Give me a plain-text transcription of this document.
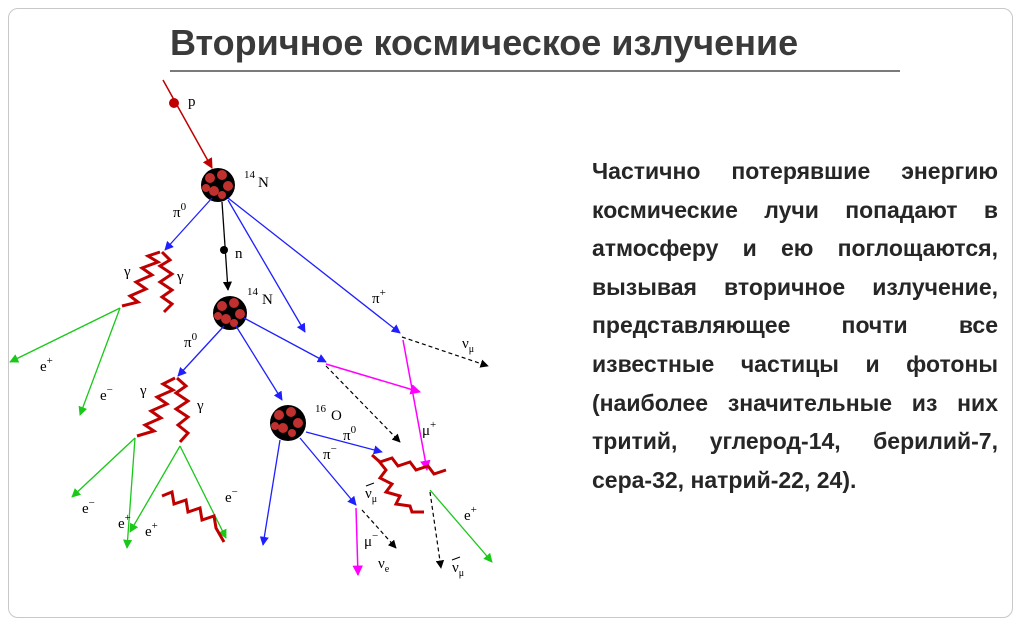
Вторичное космическое излучение
p
14 N
$\pi^0$
γ	γ
e+
e−
n
π+
$\nu_\mu$
μ+
14 N
$\pi^0$
γ
γ
e−
e+
e+
e−
16 O
$\pi^0$
π−
e+
$\nu_\mu$
$\nu_\mu$
μ−
$\nu_e$

Частично потерявшие энергию космические лучи попадают в атмосферу и ею поглощаются, вызывая вторичное излучение, представляющее почти все известные частицы и фотоны (наиболее значительные из них тритий, углерод-14, берилий-7, сера-32, натрий-22, 24).
